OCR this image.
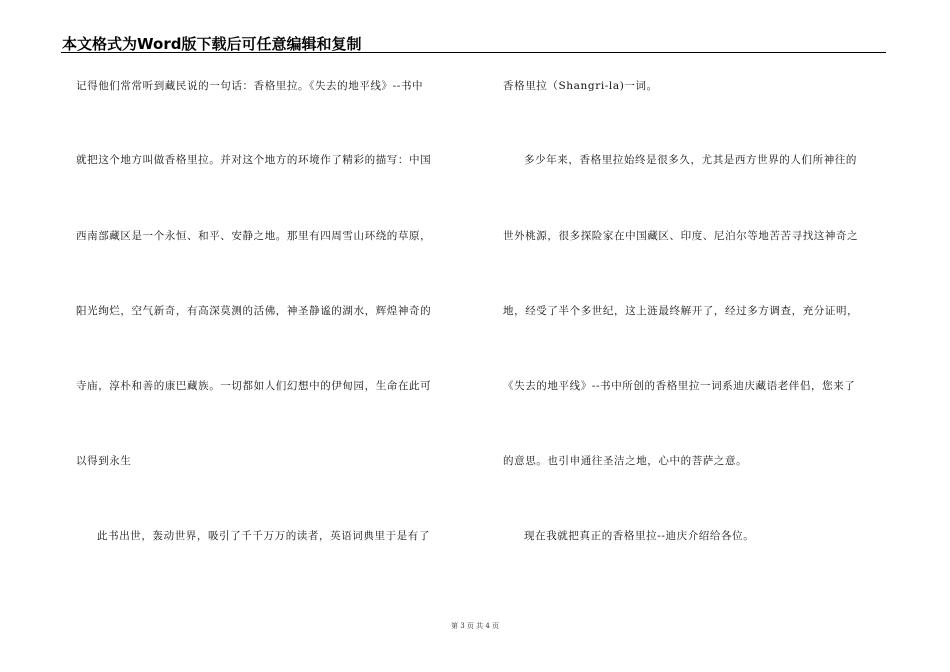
本文格式为Word版下载后可任意编辑和复制
记得他们常常听到藏民说的一句话：香格里拉。《失去的地平线》--书中
就把这个地方叫做香格里拉。并对这个地方的环境作了精彩的描写：中国
西南部藏区是一个永恒、和平、安静之地。那里有四周雪山环绕的草原，
阳光绚烂，空气新奇，有高深莫测的活佛，神圣静谧的湖水，辉煌神奇的
寺庙，淳朴和善的康巴藏族。一切都如人们幻想中的伊甸园，生命在此可
以得到永生
此书出世，轰动世界，吸引了千千万万的读者，英语词典里于是有了
香格里拉（Shangri-la)一词。
多少年来，香格里拉始终是很多久，尤其是西方世界的人们所神往的
世外桃源，很多探险家在中国藏区、印度、尼泊尔等地苦苦寻找这神奇之
地，经受了半个多世纪，这上涟最终解开了，经过多方调查，充分证明，
《失去的地平线》--书中所创的香格里拉一词系迪庆藏语老伴侣，您来了
的意思。也引申通往圣洁之地，心中的菩萨之意。
现在我就把真正的香格里拉--迪庆介绍给各位。
第 3 页 共 4 页
